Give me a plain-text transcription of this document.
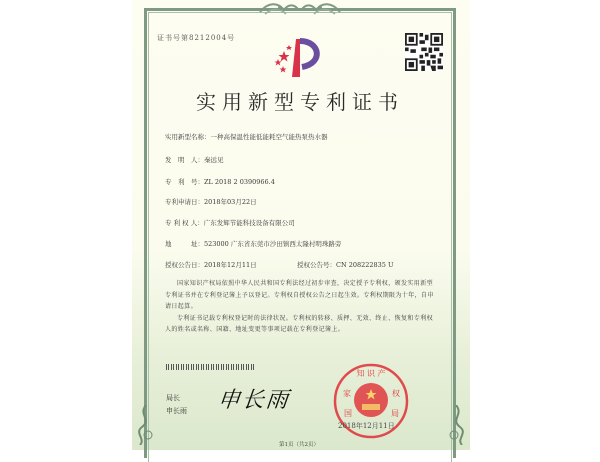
证书号第8212004号
实用新型专利证书
实用新型名称：一种高保温性能低能耗空气能热泵热水器
发　明　人：秦远见
专　利　号：ZL 2018 2 0390966.4
专利申请日：2018年03月22日
专 利 权 人：广东发辉节能科技设备有限公司
地　　　址：523000 广东省东莞市沙田镇西太隆村明珠路旁
授权公告日：2018年12月11日	授权公告号：CN 208222835 U

国家知识产权局依照中华人民共和国专利法经过初步审查，决定授予专利权，颁发实用新型专利证书并在专利登记簿上予以登记。专利权自授权公告之日起生效。专利权期限为十年，自申请日起算。

专利证书记载专利权登记时的法律状况。专利权的转移、质押、无效、终止、恢复和专利权人的姓名或名称、国籍、地址变更等事项记载在专利登记簿上。

局长
申长雨 申长雨
知 识 产
家	权
国	局
2018年12月11日
第1页（共2页）
